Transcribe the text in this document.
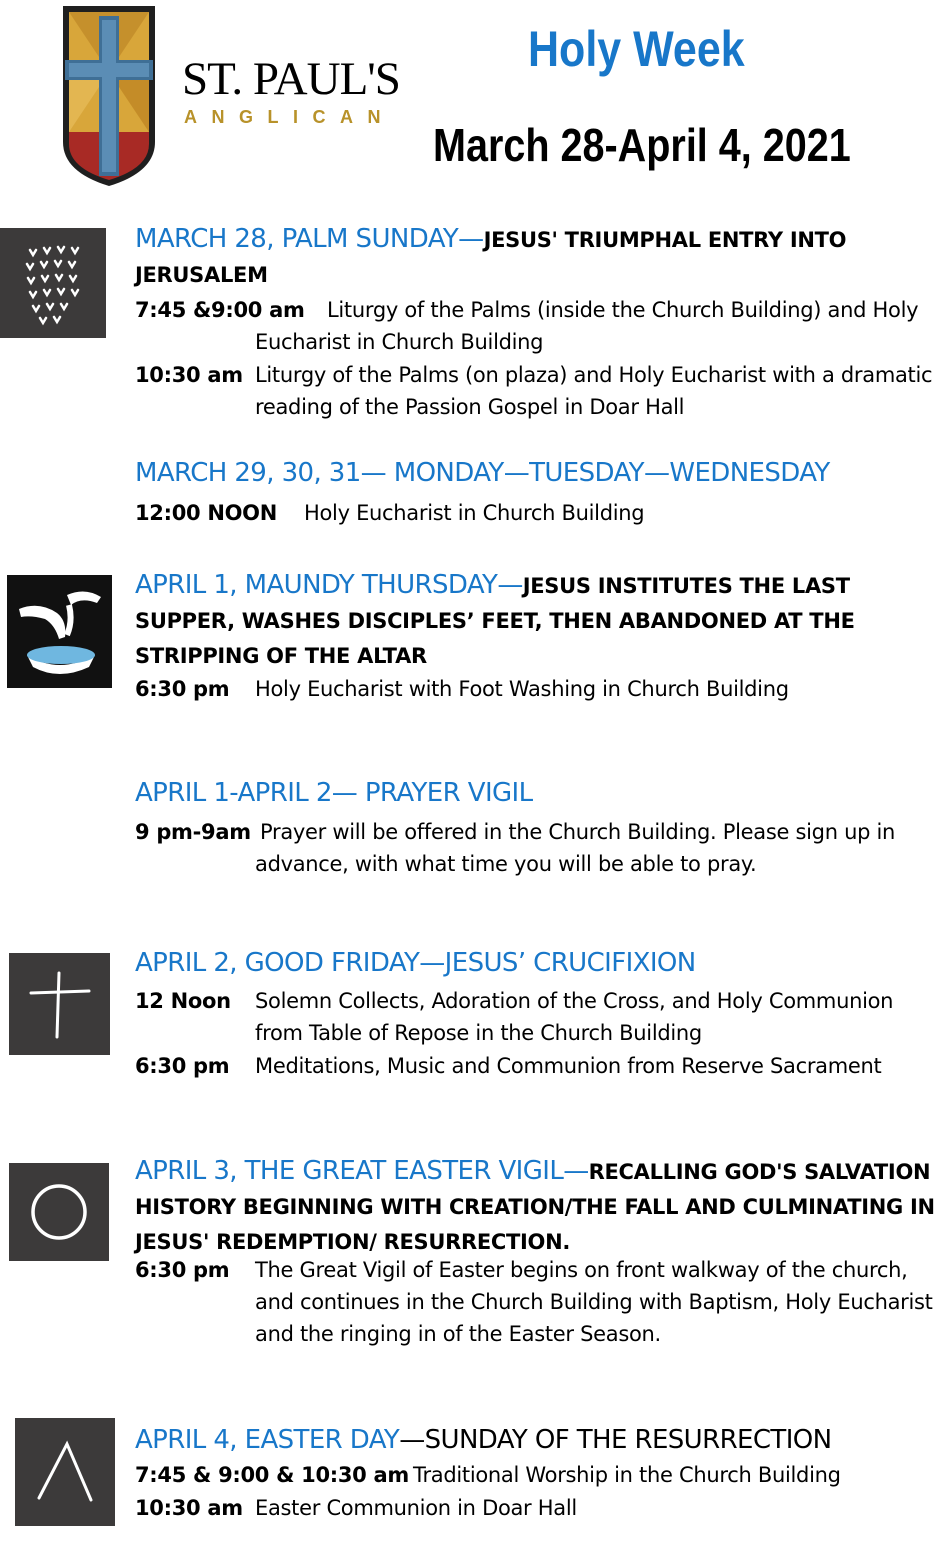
ST. PAUL'S
ANGLICAN
Holy Week
March 28-April 4, 2021
MARCH 28, PALM SUNDAY—JESUS' TRIUMPHAL ENTRY INTO JERUSALEM
7:45 &9:00 am	Liturgy of the Palms (inside the Church Building) and Holy Eucharist in Church Building
10:30 am Liturgy of the Palms (on plaza) and Holy Eucharist with a dramatic reading of the Passion Gospel in Doar Hall
MARCH 29, 30, 31— MONDAY—TUESDAY—WEDNESDAY
12:00 NOON Holy Eucharist in Church Building
APRIL 1, MAUNDY THURSDAY—JESUS INSTITUTES THE LAST SUPPER, WASHES DISCIPLES’ FEET, THEN ABANDONED AT THE STRIPPING OF THE ALTAR
6:30 pm Holy Eucharist with Foot Washing in Church Building
APRIL 1-APRIL 2— PRAYER VIGIL
9 pm-9am Prayer will be offered in the Church Building. Please sign up in advance, with what time you will be able to pray.
APRIL 2, GOOD FRIDAY—JESUS’ CRUCIFIXION
12 Noon Solemn Collects, Adoration of the Cross, and Holy Communion from Table of Repose in the Church Building
6:30 pm Meditations, Music and Communion from Reserve Sacrament
APRIL 3, THE GREAT EASTER VIGIL—RECALLING GOD'S SALVATION HISTORY BEGINNING WITH CREATION/THE FALL AND CULMINATING IN JESUS' REDEMPTION/ RESURRECTION.
6:30 pm The Great Vigil of Easter begins on front walkway of the church, and continues in the Church Building with Baptism, Holy Eucharist and the ringing in of the Easter Season.
APRIL 4, EASTER DAY—SUNDAY OF THE RESURRECTION
7:45 & 9:00 & 10:30 am Traditional Worship in the Church Building
10:30 am Easter Communion in Doar Hall
